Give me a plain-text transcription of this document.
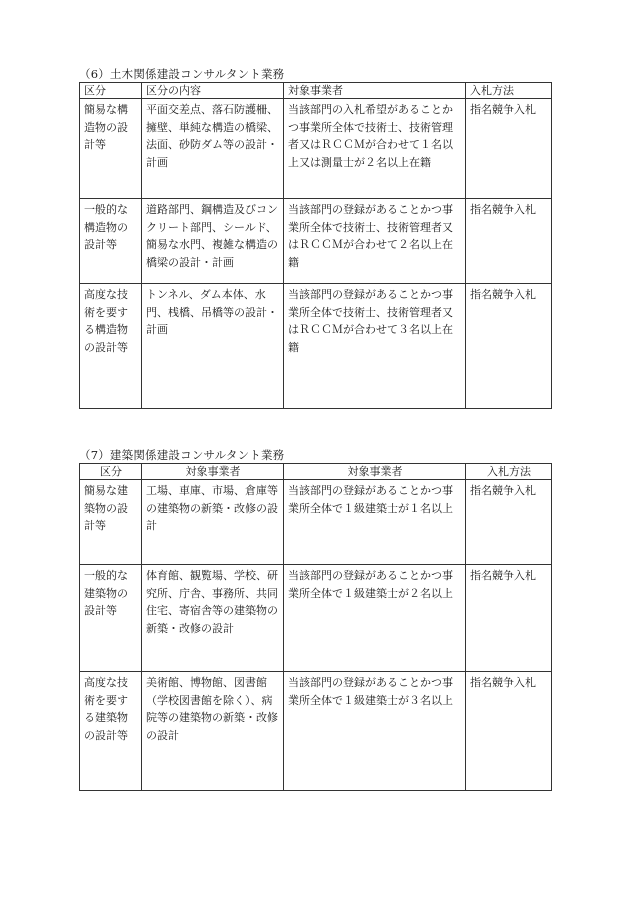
（6）土木関係建設コンサルタント業務
区分	区分の内容	対象事業者	入札方法
簡易な構造物の設計等	平面交差点、落石防護柵、擁壁、単純な構造の橋梁、法面、砂防ダム等の設計・計画	当該部門の入札希望があることかつ事業所全体で技術士、技術管理者又はＲＣＣＭが合わせて１名以上又は測量士が２名以上在籍	指名競争入札
一般的な構造物の設計等	道路部門、鋼構造及びコンクリート部門、シールド、簡易な水門、複雑な構造の橋梁の設計・計画	当該部門の登録があることかつ事業所全体で技術士、技術管理者又はＲＣＣＭが合わせて２名以上在籍	指名競争入札
高度な技術を要する構造物の設計等	トンネル、ダム本体、水門、桟橋、吊橋等の設計・計画	当該部門の登録があることかつ事業所全体で技術士、技術管理者又はＲＣＣＭが合わせて３名以上在籍	指名競争入札
（7）建築関係建設コンサルタント業務
区分	対象事業者	対象事業者	入札方法
簡易な建築物の設計等	工場、車庫、市場、倉庫等の建築物の新築・改修の設計	当該部門の登録があることかつ事業所全体で１級建築士が１名以上	指名競争入札
一般的な建築物の設計等	体育館、観覧場、学校、研究所、庁舎、事務所、共同住宅、寄宿舎等の建築物の新築・改修の設計	当該部門の登録があることかつ事業所全体で１級建築士が２名以上	指名競争入札
高度な技術を要する建築物の設計等	美術館、博物館、図書館（学校図書館を除く）、病院等の建築物の新築・改修の設計	当該部門の登録があることかつ事業所全体で１級建築士が３名以上	指名競争入札
